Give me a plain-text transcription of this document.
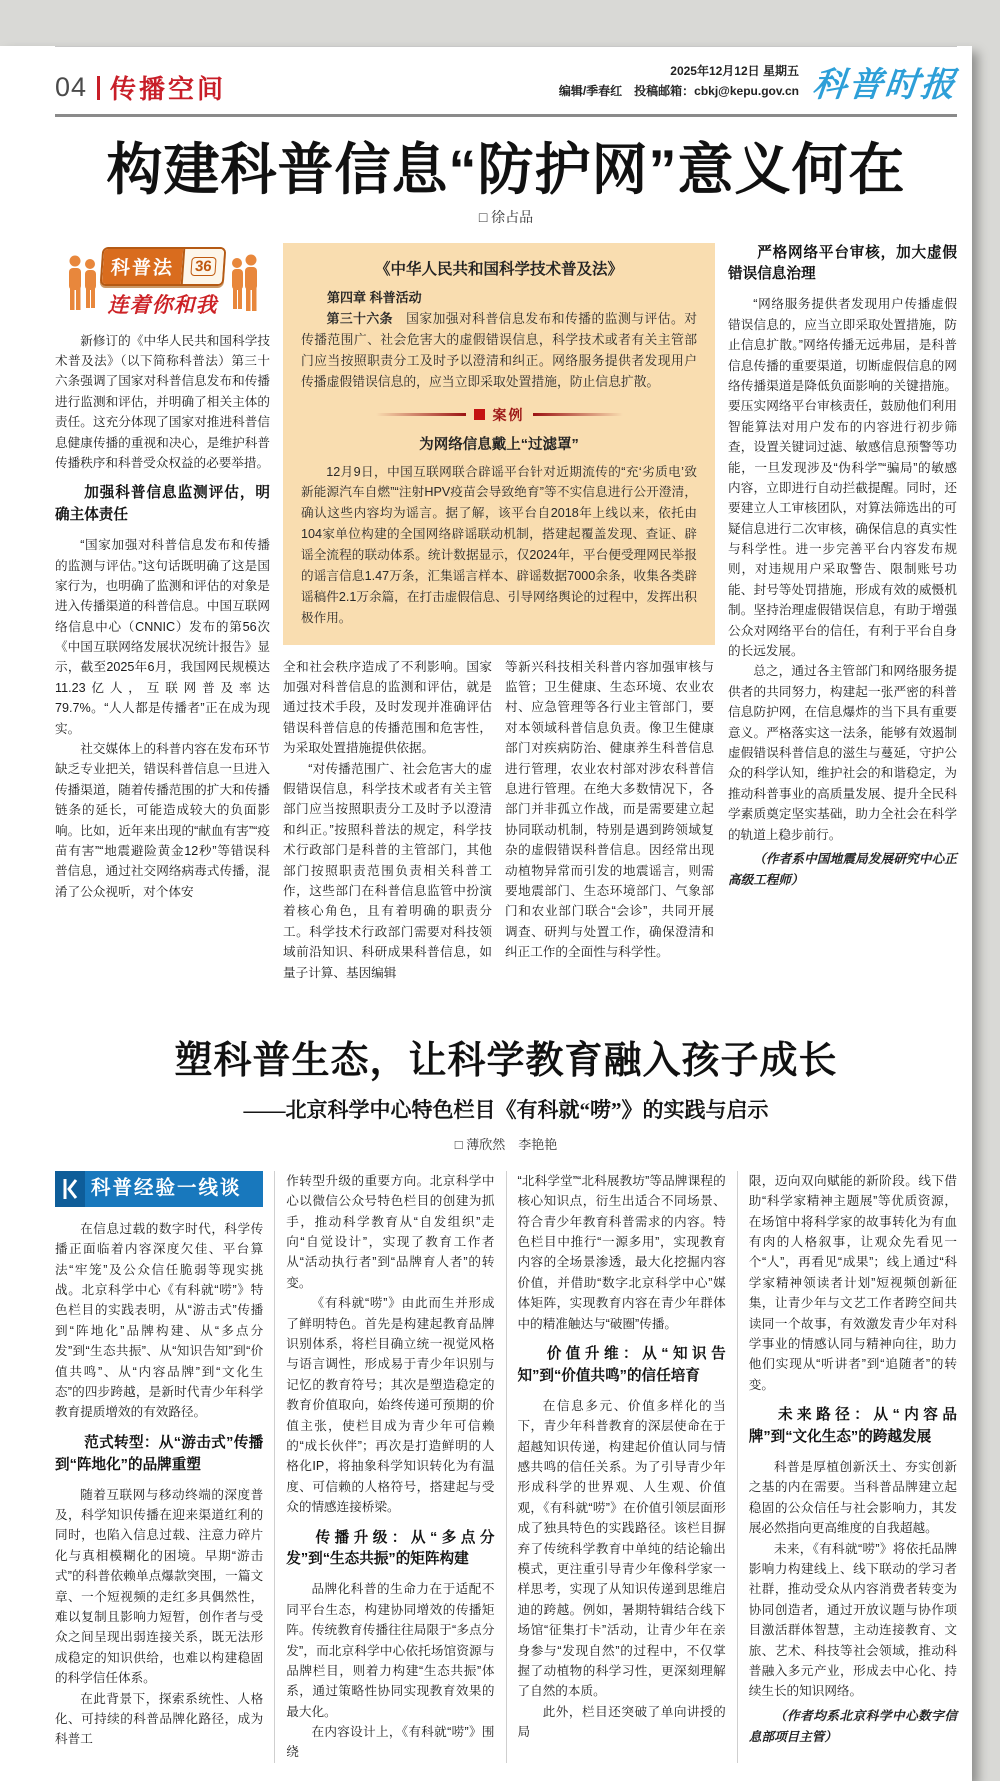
04 传播空间
2025年12月12日 星期五
编辑/季春红　投稿邮箱：cbkj@kepu.gov.cn 科普时报
构建科普信息“防护网”意义何在
□ 徐占品
科普法	36
连着你和我

新修订的《中华人民共和国科学技术普及法》（以下简称科普法）第三十六条强调了国家对科普信息发布和传播进行监测和评估，并明确了相关主体的责任。这充分体现了国家对推进科普信息健康传播的重视和决心，是维护科普传播秩序和科普受众权益的必要举措。

加强科普信息监测评估，明确主体责任

“国家加强对科普信息发布和传播的监测与评估。”这句话既明确了这是国家行为，也明确了监测和评估的对象是进入传播渠道的科普信息。中国互联网络信息中心（CNNIC）发布的第56次《中国互联网络发展状况统计报告》显示，截至2025年6月，我国网民规模达11.23亿人，互联网普及率达79.7%。“人人都是传播者”正在成为现实。

社交媒体上的科普内容在发布环节缺乏专业把关，错误科普信息一旦进入传播渠道，随着传播范围的扩大和传播链条的延长，可能造成较大的负面影响。比如，近年来出现的“献血有害”“疫苗有害”“地震避险黄金12秒”等错误科普信息，通过社交网络病毒式传播，混淆了公众视听，对个体安

《中华人民共和国科学技术普及法》

第四章 科普活动

第三十六条　 国家加强对科普信息发布和传播的监测与评估。对传播范围广、社会危害大的虚假错误信息，科学技术或者有关主管部门应当按照职责分工及时予以澄清和纠正。网络服务提供者发现用户传播虚假错误信息的，应当立即采取处置措施，防止信息扩散。

案例
为网络信息戴上“过滤罩”

12月9日，中国互联网联合辟谣平台针对近期流传的“充‘劣质电’致新能源汽车自燃”“注射HPV疫苗会导致绝育”等不实信息进行公开澄清，确认这些内容均为谣言。据了解，该平台自2018年上线以来，依托由104家单位构建的全国网络辟谣联动机制，搭建起覆盖发现、查证、辟谣全流程的联动体系。统计数据显示，仅2024年，平台便受理网民举报的谣言信息1.47万条，汇集谣言样本、辟谣数据7000余条，收集各类辟谣稿件2.1万余篇，在打击虚假信息、引导网络舆论的过程中，发挥出积极作用。

全和社会秩序造成了不利影响。国家加强对科普信息的监测和评估，就是通过技术手段，及时发现并准确评估错误科普信息的传播范围和危害性，为采取处置措施提供依据。

“对传播范围广、社会危害大的虚假错误信息，科学技术或者有关主管部门应当按照职责分工及时予以澄清和纠正。”按照科普法的规定，科学技术行政部门是科普的主管部门，其他部门按照职责范围负责相关科普工作，这些部门在科普信息监管中扮演着核心角色，且有着明确的职责分工。科学技术行政部门需要对科技领域前沿知识、科研成果科普信息，如量子计算、基因编辑

等新兴科技相关科普内容加强审核与监管；卫生健康、生态环境、农业农村、应急管理等各行业主管部门，要对本领域科普信息负责。像卫生健康部门对疾病防治、健康养生科普信息进行管理，农业农村部对涉农科普信息进行管理。在绝大多数情况下，各部门并非孤立作战，而是需要建立起协同联动机制，特别是遇到跨领域复杂的虚假错误科普信息。因经常出现动植物异常而引发的地震谣言，则需要地震部门、生态环境部门、气象部门和农业部门联合“会诊”，共同开展调查、研判与处置工作，确保澄清和纠正工作的全面性与科学性。

严格网络平台审核，加大虚假错误信息治理

“网络服务提供者发现用户传播虚假错误信息的，应当立即采取处置措施，防止信息扩散。”网络传播无远弗届，是科普信息传播的重要渠道，切断虚假信息的网络传播渠道是降低负面影响的关键措施。要压实网络平台审核责任，鼓励他们利用智能算法对用户发布的内容进行初步筛查，设置关键词过滤、敏感信息预警等功能，一旦发现涉及“伪科学”“骗局”的敏感内容，立即进行自动拦截提醒。同时，还要建立人工审核团队，对算法筛选出的可疑信息进行二次审核，确保信息的真实性与科学性。进一步完善平台内容发布规则，对违规用户采取警告、限制账号功能、封号等处罚措施，形成有效的威慑机制。坚持治理虚假错误信息，有助于增强公众对网络平台的信任，有利于平台自身的长远发展。

总之，通过各主管部门和网络服务提供者的共同努力，构建起一张严密的科普信息防护网，在信息爆炸的当下具有重要意义。严格落实这一法条，能够有效遏制虚假错误科普信息的滋生与蔓延，守护公众的科学认知，维护社会的和谐稳定，为推动科普事业的高质量发展、提升全民科学素质奠定坚实基础，助力全社会在科学的轨道上稳步前行。

（作者系中国地震局发展研究中心正高级工程师）
塑科普生态，让科学教育融入孩子成长
——北京科学中心特色栏目《有科就“唠”》的实践与启示
□ 薄欣然　李艳艳
科普经验一线谈

在信息过载的数字时代，科学传播正面临着内容深度欠佳、平台算法“牢笼”及公众信任脆弱等现实挑战。北京科学中心《有科就“唠”》特色栏目的实践表明，从“游击式”传播到“阵地化”品牌构建、从“多点分发”到“生态共振”、从“知识告知”到“价值共鸣”、从“内容品牌”到“文化生态”的四步跨越，是新时代青少年科学教育提质增效的有效路径。

范式转型：从“游击式”传播到“阵地化”的品牌重塑

随着互联网与移动终端的深度普及，科学知识传播在迎来渠道红利的同时，也陷入信息过载、注意力碎片化与真相模糊化的困境。早期“游击式”的科普依赖单点爆款突围，一篇文章、一个短视频的走红多具偶然性，难以复制且影响力短暂，创作者与受众之间呈现出弱连接关系，既无法形成稳定的知识供给，也难以构建稳固的科学信任体系。

在此背景下，探索系统性、人格化、可持续的科普品牌化路径，成为科普工

作转型升级的重要方向。北京科学中心以微信公众号特色栏目的创建为抓手，推动科学教育从“自发组织”走向“自觉设计”，实现了教育工作者从“活动执行者”到“品牌育人者”的转变。

《有科就“唠”》由此而生并形成了鲜明特色。首先是构建起教育品牌识别体系，将栏目确立统一视觉风格与语言调性，形成易于青少年识别与记忆的教育符号；其次是塑造稳定的教育价值取向，始终传递可预期的价值主张，使栏目成为青少年可信赖的“成长伙伴”；再次是打造鲜明的人格化IP，将抽象科学知识转化为有温度、可信赖的人格符号，搭建起与受众的情感连接桥梁。

传播升级：从“多点分发”到“生态共振”的矩阵构建

品牌化科普的生命力在于适配不同平台生态，构建协同增效的传播矩阵。传统教育传播往往局限于“多点分发”，而北京科学中心依托场馆资源与品牌栏目，则着力构建“生态共振”体系，通过策略性协同实现教育效果的最大化。

在内容设计上，《有科就“唠”》围绕

“北科学堂”“北科展教坊”等品牌课程的核心知识点，衍生出适合不同场景、符合青少年教育科普需求的内容。特色栏目中推行“一源多用”，实现教育内容的全场景渗透，最大化挖掘内容价值，并借助“数字北京科学中心”媒体矩阵，实现教育内容在青少年群体中的精准触达与“破圈”传播。

价值升维：从“知识告知”到“价值共鸣”的信任培育

在信息多元、价值多样化的当下，青少年科普教育的深层使命在于超越知识传递，构建起价值认同与情感共鸣的信任关系。为了引导青少年形成科学的世界观、人生观、价值观，《有科就“唠”》在价值引领层面形成了独具特色的实践路径。该栏目摒弃了传统科学教育中单纯的结论输出模式，更注重引导青少年像科学家一样思考，实现了从知识传递到思维启迪的跨越。例如，暑期特辑结合线下场馆“征集打卡”活动，让青少年在亲身参与“发现自然”的过程中，不仅掌握了动植物的科学习性，更深刻理解了自然的本质。

此外，栏目还突破了单向讲授的局

限，迈向双向赋能的新阶段。线下借助“科学家精神主题展”等优质资源，在场馆中将科学家的故事转化为有血有肉的人格叙事，让观众先看见一个“人”，再看见“成果”；线上通过“科学家精神领读者计划”短视频创新征集，让青少年与文艺工作者跨空间共读同一个故事，有效激发青少年对科学事业的情感认同与精神向往，助力他们实现从“听讲者”到“追随者”的转变。

未来路径：从“内容品牌”到“文化生态”的跨越发展

科普是厚植创新沃土、夯实创新之基的内在需要。当科普品牌建立起稳固的公众信任与社会影响力，其发展必然指向更高维度的自我超越。

未来，《有科就“唠”》将依托品牌影响力构建线上、线下联动的学习者社群，推动受众从内容消费者转变为协同创造者，通过开放议题与协作项目激活群体智慧，主动连接教育、文旅、艺术、科技等社会领域，推动科普融入多元产业，形成去中心化、持续生长的知识网络。

（作者均系北京科学中心数字信息部项目主管）
